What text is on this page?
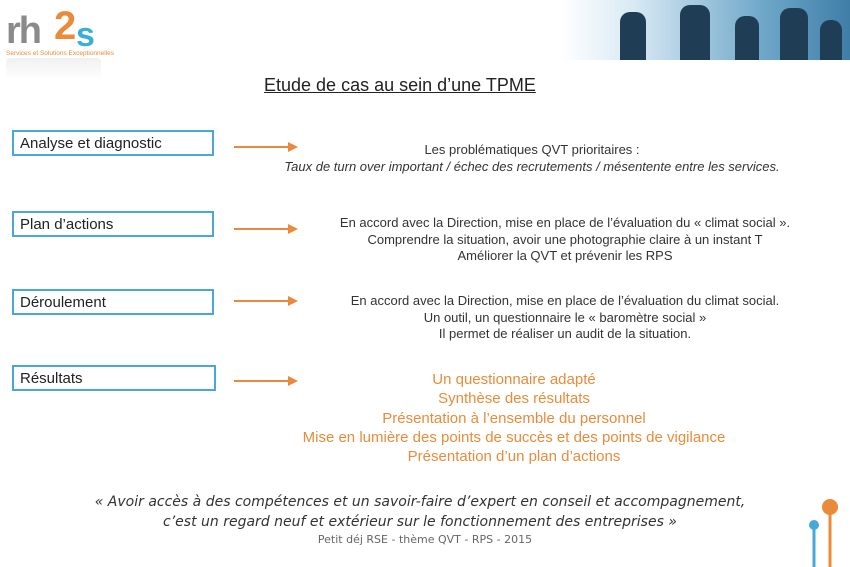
rh 2 s
Services et Solutions Exceptionnelles
Etude de cas au sein d’une TPME
Analyse et diagnostic	Les problématiques QVT prioritaires :
Taux de turn over important / échec des recrutements / mésentente entre les services.
Plan d’actions	En accord avec la Direction, mise en place de l’évaluation du « climat social ».
Comprendre la situation, avoir une photographie claire à un instant T
Améliorer la QVT et prévenir les RPS
Déroulement	En accord avec la Direction, mise en place de l’évaluation du climat social.
Un outil, un questionnaire le « baromètre social »
Il permet de réaliser un audit de la situation.
Résultats	Un questionnaire adapté
Synthèse des résultats
Présentation à l’ensemble du personnel
Mise en lumière des points de succès et des points de vigilance
Présentation d’un plan d’actions
« Avoir accès à des compétences et un savoir-faire d’expert en conseil et accompagnement,
c’est un regard neuf et extérieur sur le fonctionnement des entreprises »
Petit déj RSE - thème QVT - RPS - 2015
